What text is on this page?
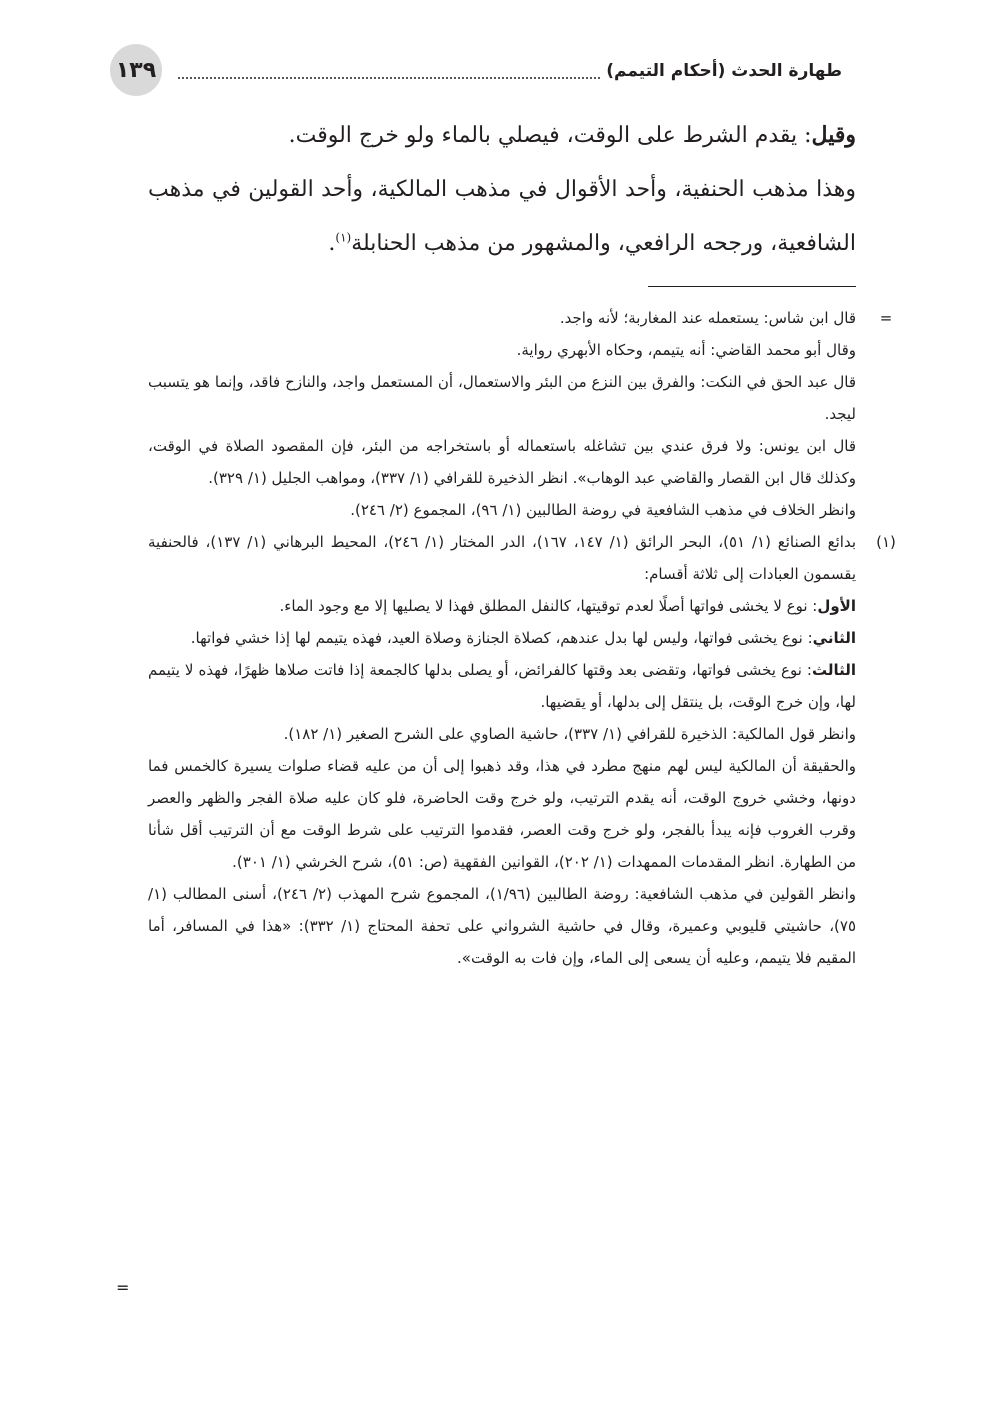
١٣٩	طهارة الحدث (أحكام التيمم)

وقيل: يقدم الشرط على الوقت، فيصلي بالماء ولو خرج الوقت.

وهذا مذهب الحنفية، وأحد الأقوال في مذهب المالكية، وأحد القولين في مذهب الشافعية، ورجحه الرافعي، والمشهور من مذهب الحنابلة$^{(١)}$.

=
قال ابن شاس: يستعمله عند المغاربة؛ لأنه واجد.

وقال أبو محمد القاضي: أنه يتيمم، وحكاه الأبهري رواية.

قال عبد الحق في النكت: والفرق بين النزع من البئر والاستعمال، أن المستعمل واجد، والنازح فاقد، وإنما هو يتسبب ليجد.

قال ابن يونس: ولا فرق عندي بين تشاغله باستعماله أو باستخراجه من البئر، فإن المقصود الصلاة في الوقت، وكذلك قال ابن القصار والقاضي عبد الوهاب». انظر الذخيرة للقرافي (١/ ٣٣٧)، ومواهب الجليل (١/ ٣٢٩).

وانظر الخلاف في مذهب الشافعية في روضة الطالبين (١/ ٩٦)، المجموع (٢/ ٢٤٦).

(١)
بدائع الصنائع (١/ ٥١)، البحر الرائق (١/ ١٤٧، ١٦٧)، الدر المختار (١/ ٢٤٦)، المحيط البرهاني (١/ ١٣٧)، فالحنفية يقسمون العبادات إلى ثلاثة أقسام:

الأول: نوع لا يخشى فواتها أصلًا لعدم توقيتها، كالنفل المطلق فهذا لا يصليها إلا مع وجود الماء.

الثاني: نوع يخشى فواتها، وليس لها بدل عندهم، كصلاة الجنازة وصلاة العيد، فهذه يتيمم لها إذا خشي فواتها.

الثالث: نوع يخشى فواتها، وتقضى بعد وقتها كالفرائض، أو يصلى بدلها كالجمعة إذا فاتت صلاها ظهرًا، فهذه لا يتيمم لها، وإن خرج الوقت، بل ينتقل إلى بدلها، أو يقضيها.

وانظر قول المالكية: الذخيرة للقرافي (١/ ٣٣٧)، حاشية الصاوي على الشرح الصغير (١/ ١٨٢).

والحقيقة أن المالكية ليس لهم منهج مطرد في هذا، وقد ذهبوا إلى أن من عليه قضاء صلوات يسيرة كالخمس فما دونها، وخشي خروج الوقت، أنه يقدم الترتيب، ولو خرج وقت الحاضرة، فلو كان عليه صلاة الفجر والظهر والعصر وقرب الغروب فإنه يبدأ بالفجر، ولو خرج وقت العصر، فقدموا الترتيب على شرط الوقت مع أن الترتيب أقل شأنا من الطهارة. انظر المقدمات الممهدات (١/ ٢٠٢)، القوانين الفقهية (ص: ٥١)، شرح الخرشي (١/ ٣٠١).

وانظر القولين في مذهب الشافعية: روضة الطالبين (١/٩٦)، المجموع شرح المهذب (٢/ ٢٤٦)، أسنى المطالب (١/ ٧٥)، حاشيتي قليوبي وعميرة، وقال في حاشية الشرواني على تحفة المحتاج (١/ ٣٣٢): «هذا في المسافر، أما المقيم فلا يتيمم، وعليه أن يسعى إلى الماء، وإن فات به الوقت».

=
